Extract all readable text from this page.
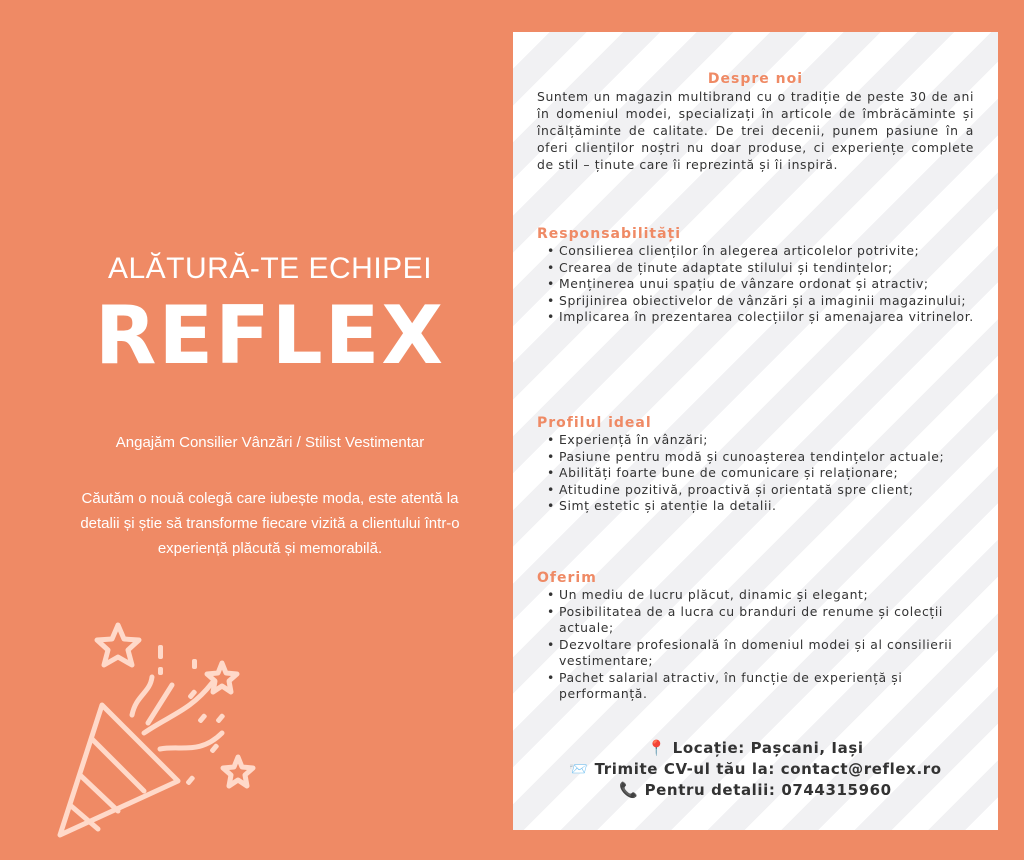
ALĂTURĂ-TE ECHIPEI
REFLEX
Angajăm Consilier Vânzări / Stilist Vestimentar
Căutăm o nouă colegă care iubește moda, este atentă la detalii și știe să transforme fiecare vizită a clientului într-o experiență plăcută și memorabilă.
Despre noi

Suntem un magazin multibrand cu o tradiție de peste 30 de ani în domeniul modei, specializați în articole de îmbrăcăminte și încălțăminte de calitate. De trei decenii, punem pasiune în a oferi clienților noștri nu doar produse, ci experiențe complete de stil – ținute care îi reprezintă și îi inspiră.

Responsabilități
• Consilierea clienților în alegerea articolelor potrivite;
• Crearea de ținute adaptate stilului și tendințelor;
• Menținerea unui spațiu de vânzare ordonat și atractiv;
• Sprijinirea obiectivelor de vânzări și a imaginii magazinului;
• Implicarea în prezentarea colecțiilor și amenajarea vitrinelor.
Profilul ideal
• Experiență în vânzări;
• Pasiune pentru modă și cunoașterea tendințelor actuale;
• Abilități foarte bune de comunicare și relaționare;
• Atitudine pozitivă, proactivă și orientată spre client;
• Simț estetic și atenție la detalii.
Oferim
• Un mediu de lucru plăcut, dinamic și elegant;
• Posibilitatea de a lucra cu branduri de renume și colecții actuale;
• Dezvoltare profesională în domeniul modei și al consilierii vestimentare;
• Pachet salarial atractiv, în funcție de experiență și performanță.
📍 Locație: Pașcani, Iași
📨 Trimite CV-ul tău la: contact@reflex.ro
📞 Pentru detalii: 0744315960
